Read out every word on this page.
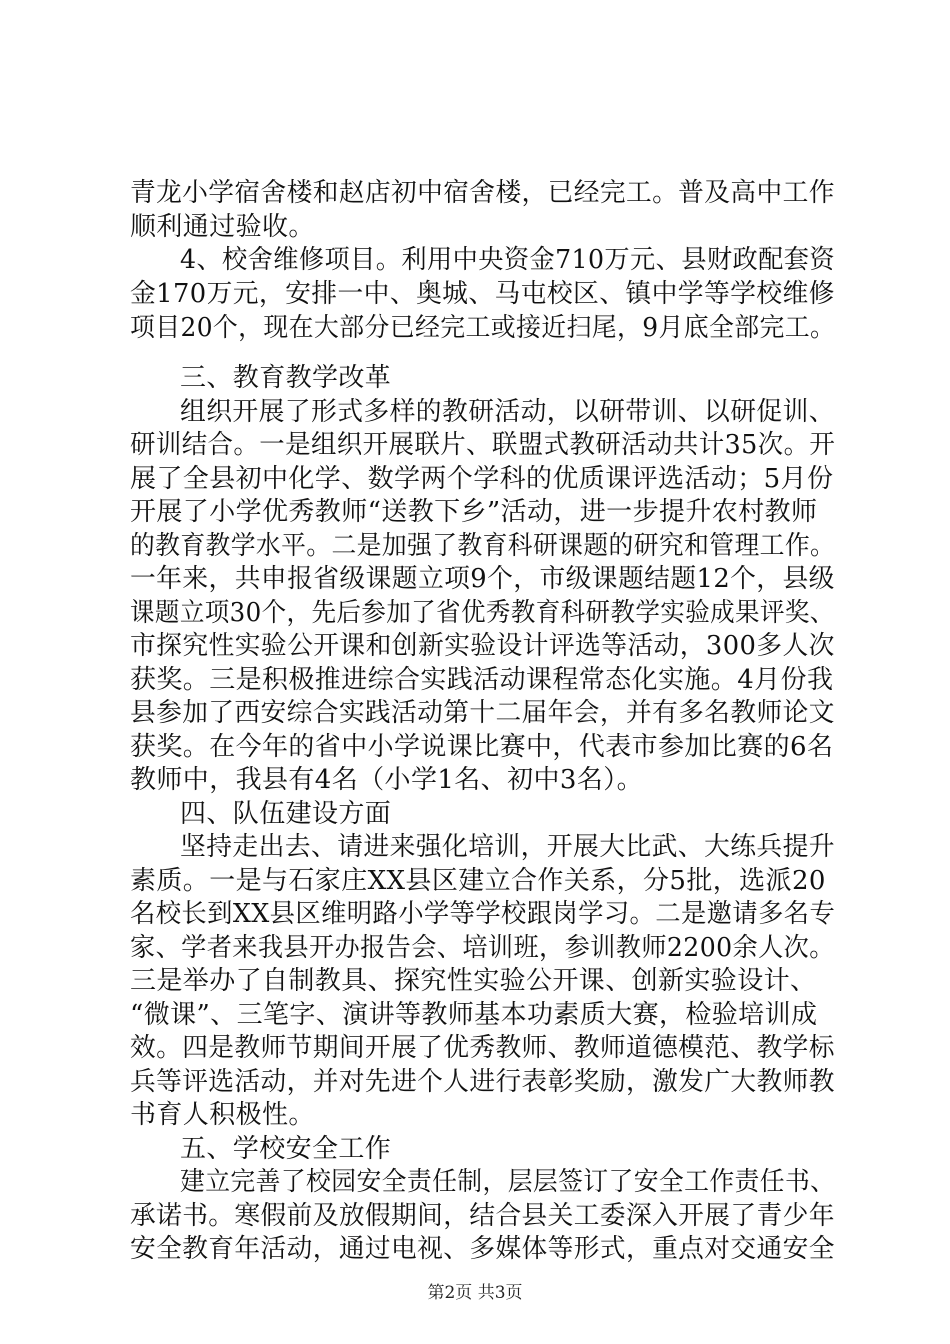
青龙小学宿舍楼和赵店初中宿舍楼，已经完工。普及高中工作
顺利通过验收。
4、校舍维修项目。利用中央资金710万元、县财政配套资
金170万元，安排一中、奥城、马屯校区、镇中学等学校维修
项目20个，现在大部分已经完工或接近扫尾，9月底全部完工。
三、教育教学改革
组织开展了形式多样的教研活动，以研带训、以研促训、
研训结合。一是组织开展联片、联盟式教研活动共计35次。开
展了全县初中化学、数学两个学科的优质课评选活动；5月份
开展了小学优秀教师“送教下乡”活动，进一步提升农村教师
的教育教学水平。二是加强了教育科研课题的研究和管理工作。
一年来，共申报省级课题立项9个，市级课题结题12个，县级
课题立项30个，先后参加了省优秀教育科研教学实验成果评奖、
市探究性实验公开课和创新实验设计评选等活动，300多人次
获奖。三是积极推进综合实践活动课程常态化实施。4月份我
县参加了西安综合实践活动第十二届年会，并有多名教师论文
获奖。在今年的省中小学说课比赛中，代表市参加比赛的6名
教师中，我县有4名（小学1名、初中3名）。
四、队伍建设方面
坚持走出去、请进来强化培训，开展大比武、大练兵提升
素质。一是与石家庄XX县区建立合作关系，分5批，选派20
名校长到XX县区维明路小学等学校跟岗学习。二是邀请多名专
家、学者来我县开办报告会、培训班，参训教师2200余人次。
三是举办了自制教具、探究性实验公开课、创新实验设计、
“微课”、三笔字、演讲等教师基本功素质大赛，检验培训成
效。四是教师节期间开展了优秀教师、教师道德模范、教学标
兵等评选活动，并对先进个人进行表彰奖励，激发广大教师教
书育人积极性。
五、学校安全工作
建立完善了校园安全责任制，层层签订了安全工作责任书、
承诺书。寒假前及放假期间，结合县关工委深入开展了青少年
安全教育年活动，通过电视、多媒体等形式，重点对交通安全
第2页 共3页
